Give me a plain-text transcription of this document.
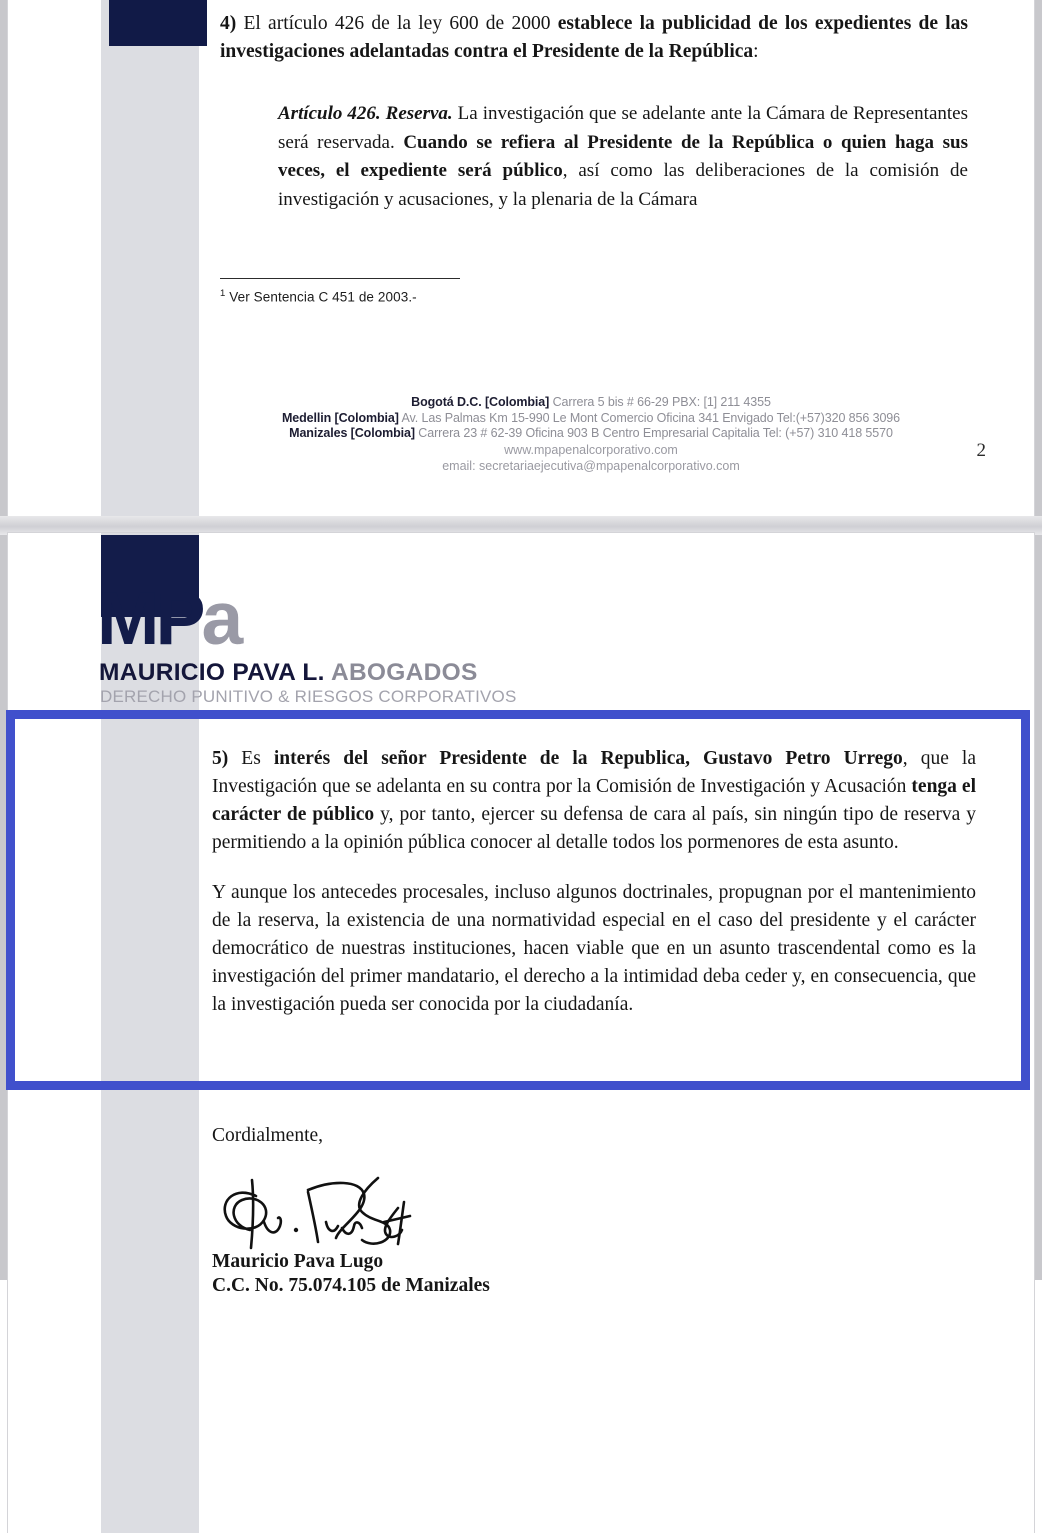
4) El artículo 426 de la ley 600 de 2000 establece la publicidad de los expedientes de las investigaciones adelantadas contra el Presidente de la República:

Artículo 426. Reserva. La investigación que se adelante ante la Cámara de Representantes será reservada. Cuando se refiera al Presidente de la República o quien haga sus veces, el expediente será público, así como las deliberaciones de la comisión de investigación y acusaciones, y la plenaria de la Cámara

$^1$ Ver Sentencia C 451 de 2003.-

Bogotá D.C. [Colombia] Carrera 5 bis # 66-29 PBX: [1] 211 4355
Medellin [Colombia] Av. Las Palmas Km 15-990 Le Mont Comercio Oficina 341 Envigado Tel:(+57)320 856 3096
Manizales [Colombia] Carrera 23 # 62-39 Oficina 903 B Centro Empresarial Capitalia Tel: (+57) 310 418 5570
www.mpapenalcorporativo.com
email: secretariaejecutiva@mpapenalcorporativo.com
2
MPa
MAURICIO PAVA L. ABOGADOS
DERECHO PUNITIVO & RIESGOS CORPORATIVOS

5) Es interés del señor Presidente de la Republica, Gustavo Petro Urrego, que la Investigación que se adelanta en su contra por la Comisión de Investigación y Acusación tenga el carácter de público y, por tanto, ejercer su defensa de cara al país, sin ningún tipo de reserva y permitiendo a la opinión pública conocer al detalle todos los pormenores de esta asunto.

Y aunque los antecedes procesales, incluso algunos doctrinales, propugnan por el mantenimiento de la reserva, la existencia de una normatividad especial en el caso del presidente y el carácter democrático de nuestras instituciones, hacen viable que en un asunto trascendental como es la investigación del primer mandatario, el derecho a la intimidad deba ceder y, en consecuencia, que la investigación pueda ser conocida por la ciudadanía.

Cordialmente,

Mauricio Pava Lugo

C.C. No. 75.074.105 de Manizales
